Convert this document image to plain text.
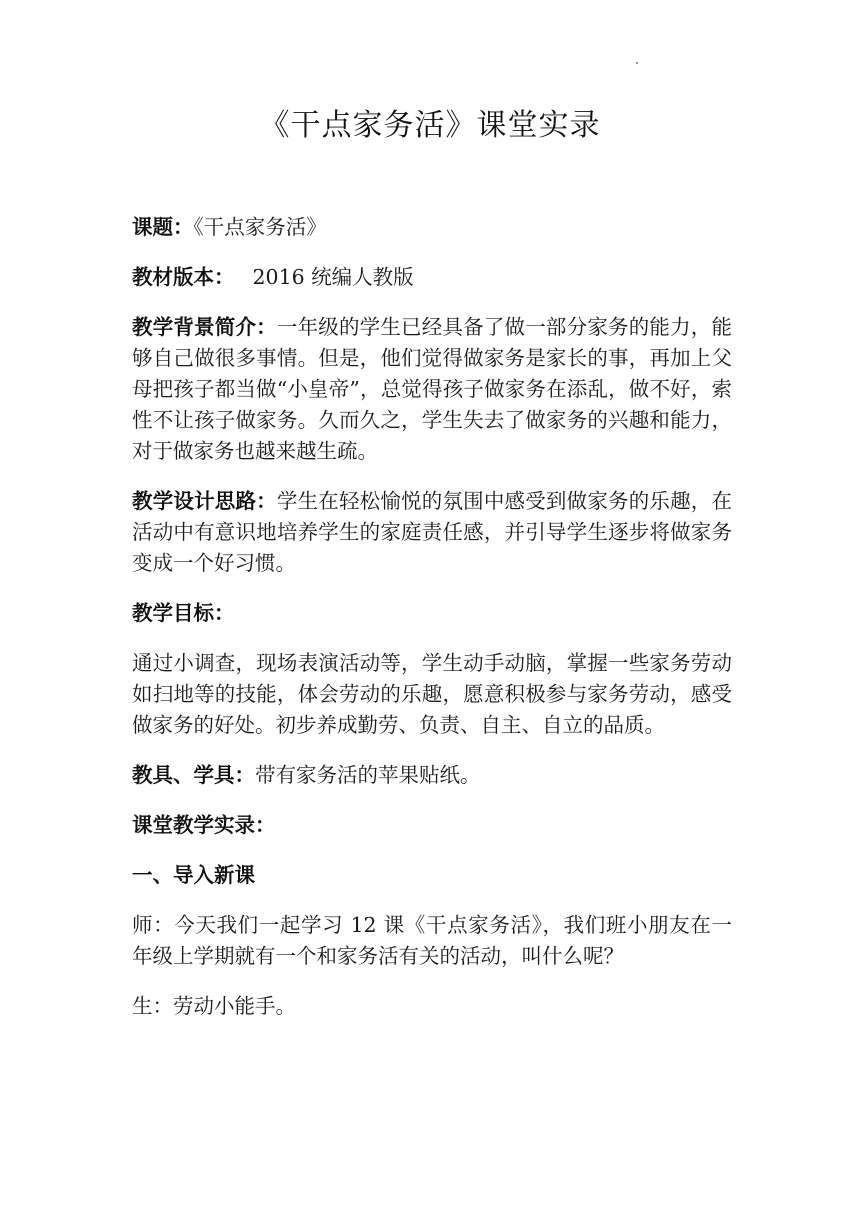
《干点家务活》课堂实录

课题：《干点家务活》

教材版本： 2016 统编人教版

教学背景简介：一年级的学生已经具备了做一部分家务的能力，能够自己做很多事情。但是，他们觉得做家务是家长的事，再加上父母把孩子都当做“小皇帝”，总觉得孩子做家务在添乱，做不好，索性不让孩子做家务。久而久之，学生失去了做家务的兴趣和能力，对于做家务也越来越生疏。

教学设计思路：学生在轻松愉悦的氛围中感受到做家务的乐趣，在活动中有意识地培养学生的家庭责任感，并引导学生逐步将做家务变成一个好习惯。

教学目标：

通过小调查，现场表演活动等，学生动手动脑，掌握一些家务劳动如扫地等的技能，体会劳动的乐趣，愿意积极参与家务劳动，感受做家务的好处。初步养成勤劳、负责、自主、自立的品质。

教具、学具：带有家务活的苹果贴纸。

课堂教学实录：

一、导入新课

师：今天我们一起学习 12 课《干点家务活》，我们班小朋友在一年级上学期就有一个和家务活有关的活动，叫什么呢？

生：劳动小能手。
